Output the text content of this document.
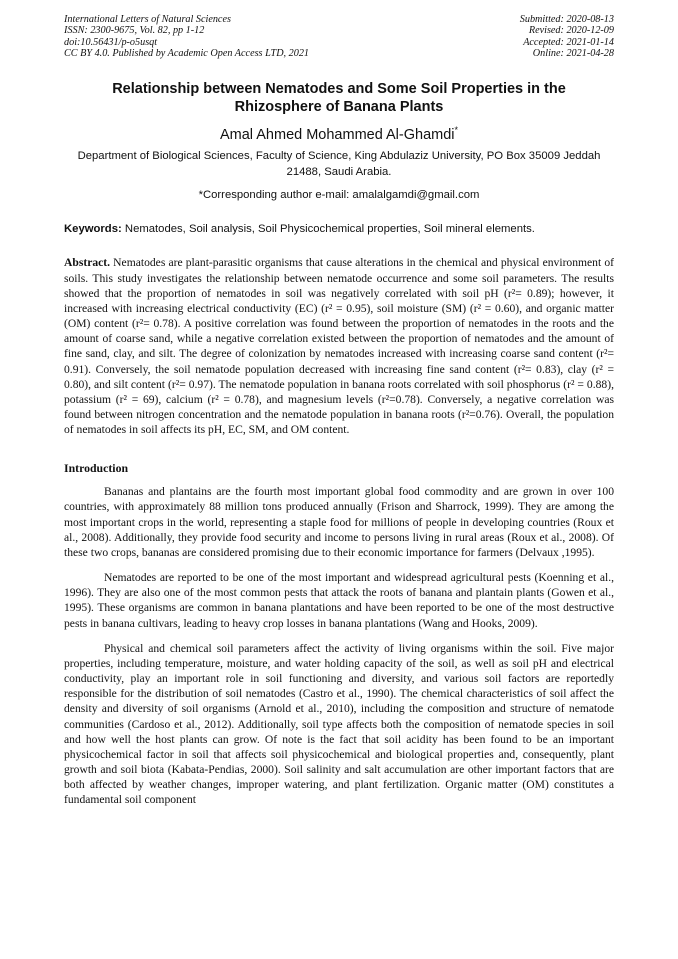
International Letters of Natural Sciences
ISSN: 2300-9675, Vol. 82, pp 1-12
doi:10.56431/p-o5usqt
CC BY 4.0. Published by Academic Open Access LTD, 2021
Submitted: 2020-08-13
Revised: 2020-12-09
Accepted: 2021-01-14
Online: 2021-04-28
Relationship between Nematodes and Some Soil Properties in the Rhizosphere of Banana Plants
Amal Ahmed Mohammed Al-Ghamdi*
Department of Biological Sciences, Faculty of Science, King Abdulaziz University, PO Box 35009 Jeddah 21488, Saudi Arabia.
*Corresponding author e-mail: amalalgamdi@gmail.com
Keywords: Nematodes, Soil analysis, Soil Physicochemical properties, Soil mineral elements.
Abstract. Nematodes are plant-parasitic organisms that cause alterations in the chemical and physical environment of soils. This study investigates the relationship between nematode occurrence and some soil parameters. The results showed that the proportion of nematodes in soil was negatively correlated with soil pH (r²= 0.89); however, it increased with increasing electrical conductivity (EC) (r² = 0.95), soil moisture (SM) (r² = 0.60), and organic matter (OM) content (r²= 0.78). A positive correlation was found between the proportion of nematodes in the roots and the amount of coarse sand, while a negative correlation existed between the proportion of nematodes and the amount of fine sand, clay, and silt. The degree of colonization by nematodes increased with increasing coarse sand content (r²= 0.91). Conversely, the soil nematode population decreased with increasing fine sand content (r²= 0.83), clay (r² = 0.80), and silt content (r²= 0.97). The nematode population in banana roots correlated with soil phosphorus (r² = 0.88), potassium (r² = 69), calcium (r² = 0.78), and magnesium levels (r²=0.78). Conversely, a negative correlation was found between nitrogen concentration and the nematode population in banana roots (r²=0.76). Overall, the population of nematodes in soil affects its pH, EC, SM, and OM content.
Introduction

Bananas and plantains are the fourth most important global food commodity and are grown in over 100 countries, with approximately 88 million tons produced annually (Frison and Sharrock, 1999). They are among the most important crops in the world, representing a staple food for millions of people in developing countries (Roux et al., 2008). Additionally, they provide food security and income to persons living in rural areas (Roux et al., 2008). Of these two crops, bananas are considered promising due to their economic importance for farmers (Delvaux ,1995).

Nematodes are reported to be one of the most important and widespread agricultural pests (Koenning et al., 1996). They are also one of the most common pests that attack the roots of banana and plantain plants (Gowen et al., 1995). These organisms are common in banana plantations and have been reported to be one of the most destructive pests in banana cultivars, leading to heavy crop losses in banana plantations (Wang and Hooks, 2009).

Physical and chemical soil parameters affect the activity of living organisms within the soil. Five major properties, including temperature, moisture, and water holding capacity of the soil, as well as soil pH and electrical conductivity, play an important role in soil functioning and diversity, and various soil factors are reportedly responsible for the distribution of soil nematodes (Castro et al., 1990). The chemical characteristics of soil affect the density and diversity of soil organisms (Arnold et al., 2010), including the composition and structure of nematode communities (Cardoso et al., 2012). Additionally, soil type affects both the composition of nematode species in soil and how well the host plants can grow. Of note is the fact that soil acidity has been found to be an important physicochemical factor in soil that affects soil physicochemical and biological properties and, consequently, plant growth and soil biota (Kabata-Pendias, 2000). Soil salinity and salt accumulation are other important factors that are both affected by weather changes, improper watering, and plant fertilization. Organic matter (OM) constitutes a fundamental soil component
